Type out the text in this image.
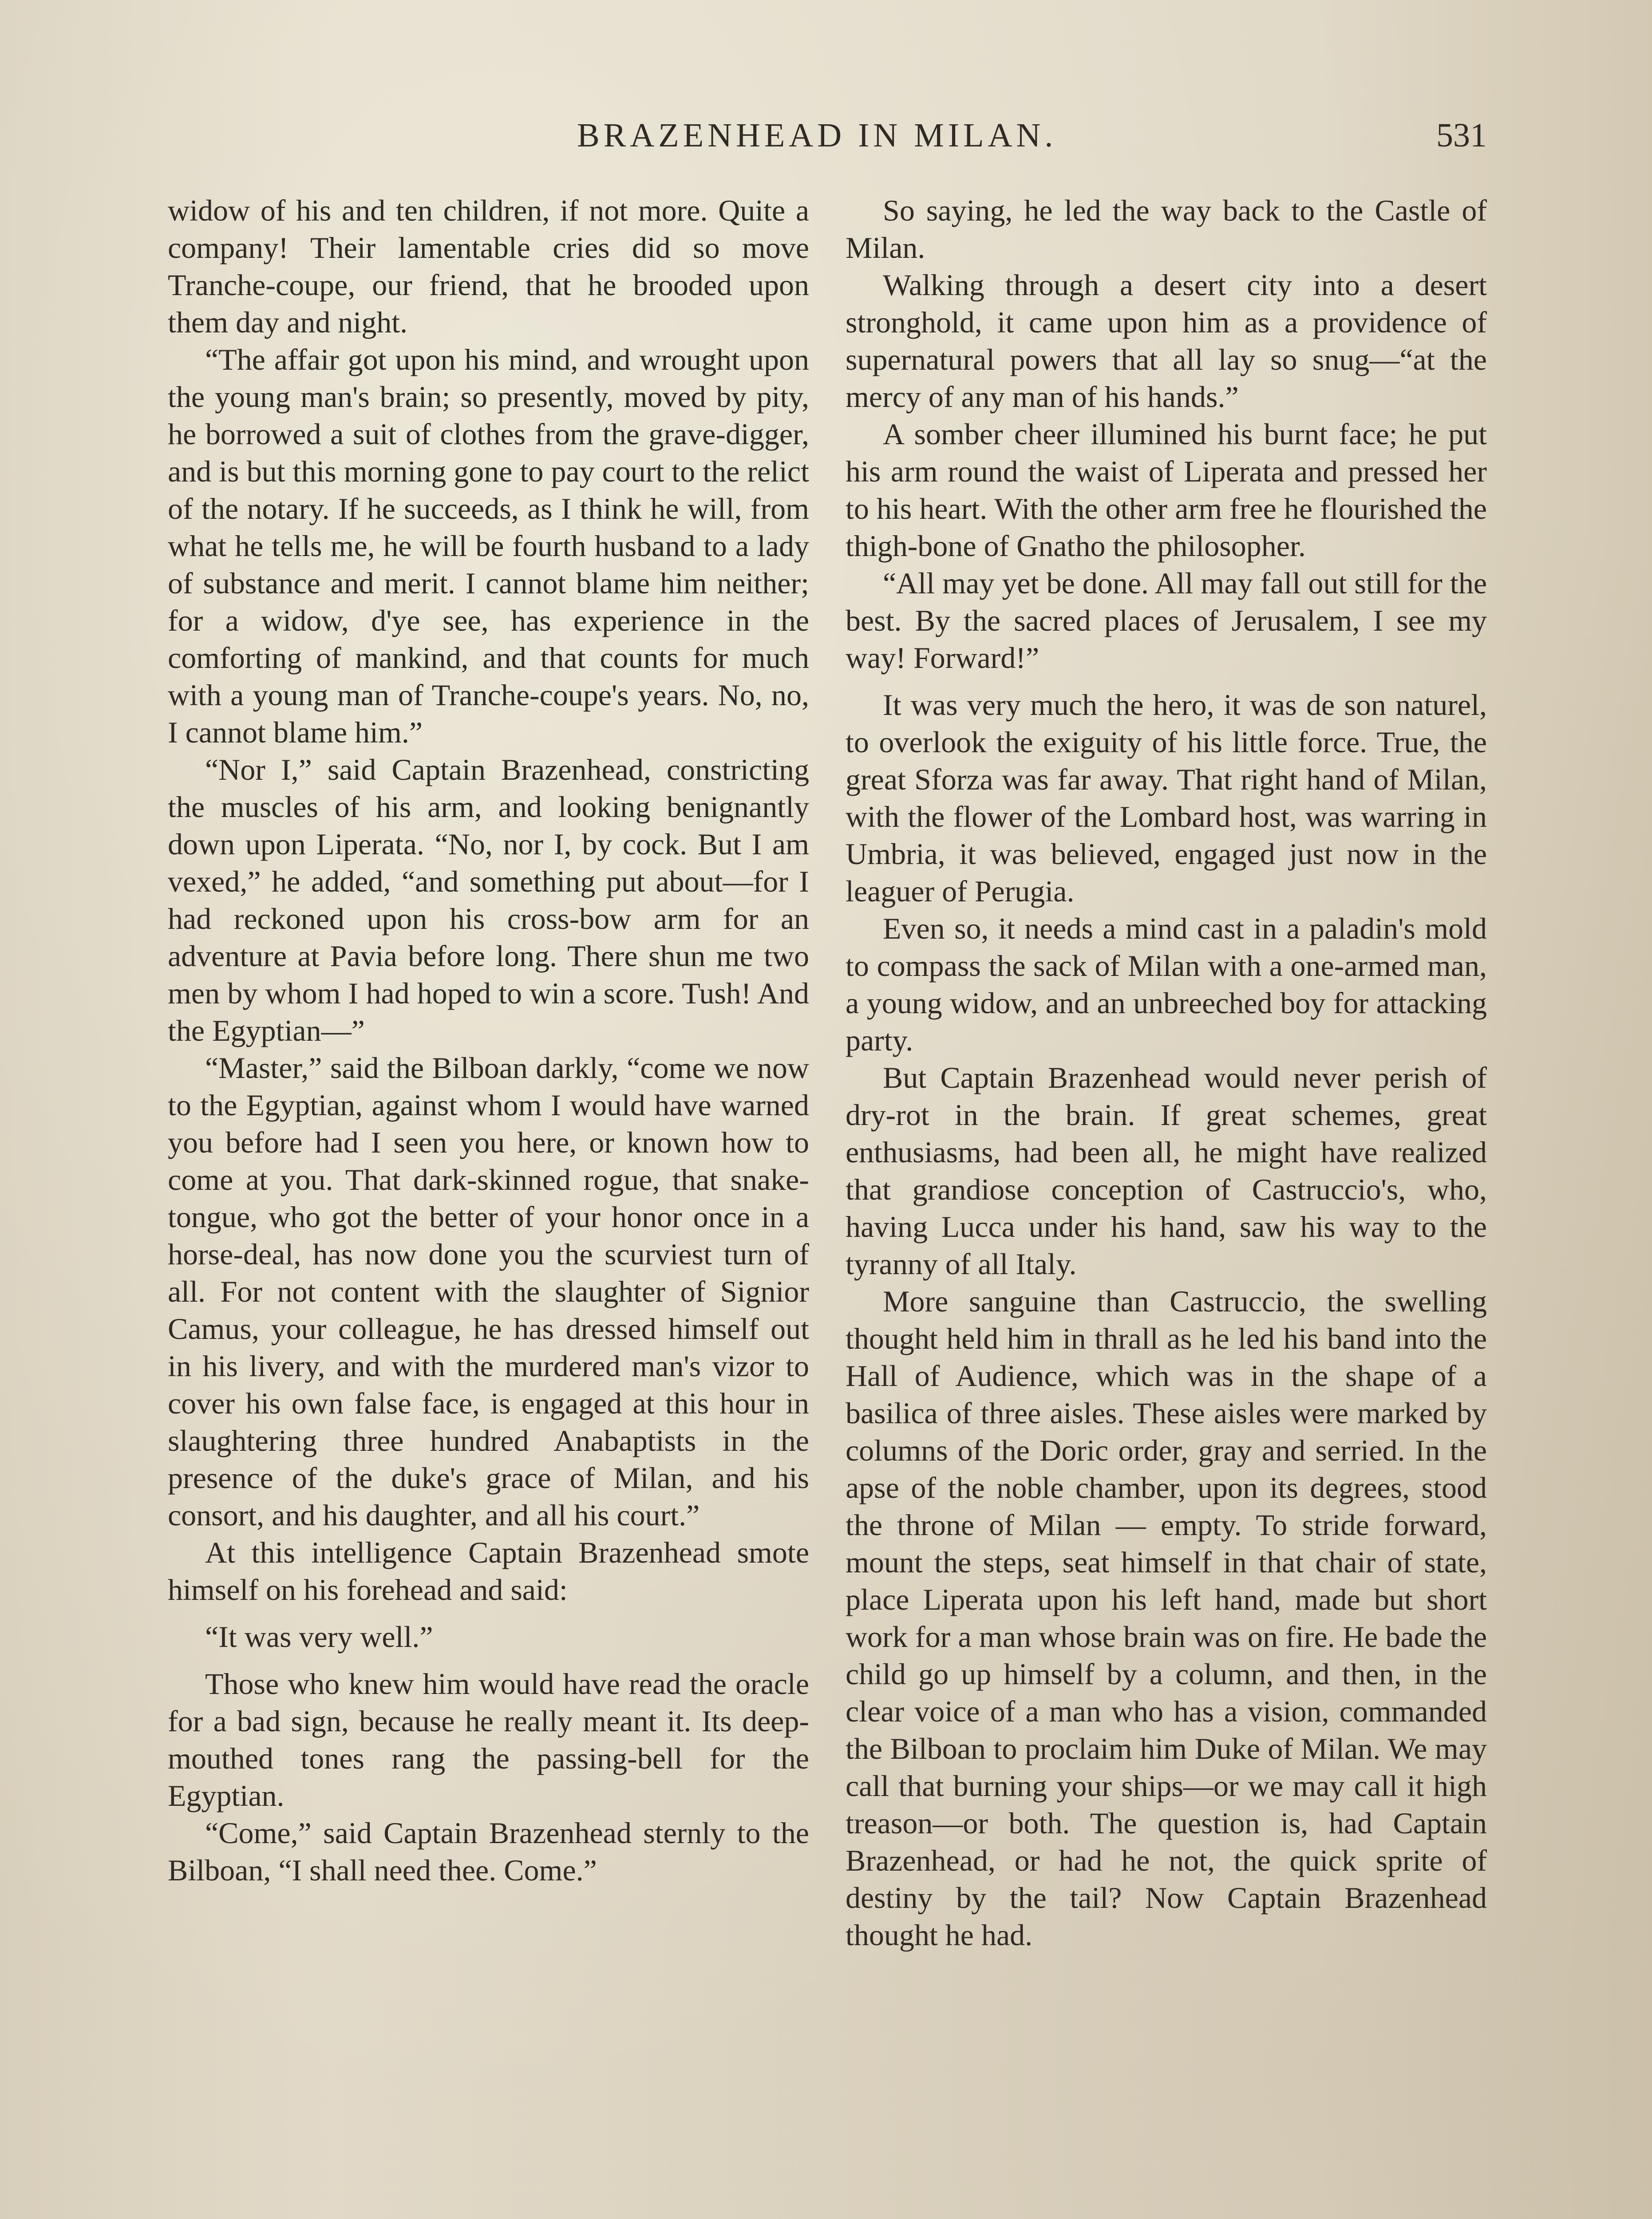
BRAZENHEAD IN MILAN.	531

widow of his and ten children, if not more. Quite a company! Their lamentable cries did so move Tranche-coupe, our friend, that he brooded upon them day and night.

“The affair got upon his mind, and wrought upon the young man's brain; so presently, moved by pity, he borrowed a suit of clothes from the grave-digger, and is but this morning gone to pay court to the relict of the notary. If he succeeds, as I think he will, from what he tells me, he will be fourth husband to a lady of substance and merit. I cannot blame him neither; for a widow, d'ye see, has experience in the comforting of mankind, and that counts for much with a young man of Tranche-coupe's years. No, no, I cannot blame him.”

“Nor I,” said Captain Brazenhead, constricting the muscles of his arm, and looking benignantly down upon Liperata. “No, nor I, by cock. But I am vexed,” he added, “and something put about—for I had reckoned upon his cross-bow arm for an adventure at Pavia before long. There shun me two men by whom I had hoped to win a score. Tush! And the Egyptian—”

“Master,” said the Bilboan darkly, “come we now to the Egyptian, against whom I would have warned you before had I seen you here, or known how to come at you. That dark-skinned rogue, that snake-tongue, who got the better of your honor once in a horse-deal, has now done you the scurviest turn of all. For not content with the slaughter of Signior Camus, your colleague, he has dressed himself out in his livery, and with the murdered man's vizor to cover his own false face, is engaged at this hour in slaughtering three hundred Anabaptists in the presence of the duke's grace of Milan, and his consort, and his daughter, and all his court.”

At this intelligence Captain Brazenhead smote himself on his forehead and said:

“It was very well.”

Those who knew him would have read the oracle for a bad sign, because he really meant it. Its deep-mouthed tones rang the passing-bell for the Egyptian.

“Come,” said Captain Brazenhead sternly to the Bilboan, “I shall need thee. Come.”

So saying, he led the way back to the Castle of Milan.

Walking through a desert city into a desert stronghold, it came upon him as a providence of supernatural powers that all lay so snug—“at the mercy of any man of his hands.”

A somber cheer illumined his burnt face; he put his arm round the waist of Liperata and pressed her to his heart. With the other arm free he flourished the thigh-bone of Gnatho the philosopher.

“All may yet be done. All may fall out still for the best. By the sacred places of Jerusalem, I see my way! Forward!”

It was very much the hero, it was de son naturel, to overlook the exiguity of his little force. True, the great Sforza was far away. That right hand of Milan, with the flower of the Lombard host, was warring in Umbria, it was believed, engaged just now in the leaguer of Perugia.

Even so, it needs a mind cast in a paladin's mold to compass the sack of Milan with a one-armed man, a young widow, and an unbreeched boy for attacking party.

But Captain Brazenhead would never perish of dry-rot in the brain. If great schemes, great enthusiasms, had been all, he might have realized that grandiose conception of Castruccio's, who, having Lucca under his hand, saw his way to the tyranny of all Italy.

More sanguine than Castruccio, the swelling thought held him in thrall as he led his band into the Hall of Audience, which was in the shape of a basilica of three aisles. These aisles were marked by columns of the Doric order, gray and serried. In the apse of the noble chamber, upon its degrees, stood the throne of Milan — empty. To stride forward, mount the steps, seat himself in that chair of state, place Liperata upon his left hand, made but short work for a man whose brain was on fire. He bade the child go up himself by a column, and then, in the clear voice of a man who has a vision, commanded the Bilboan to proclaim him Duke of Milan. We may call that burning your ships—or we may call it high treason—or both. The question is, had Captain Brazenhead, or had he not, the quick sprite of destiny by the tail? Now Captain Brazenhead thought he had.
